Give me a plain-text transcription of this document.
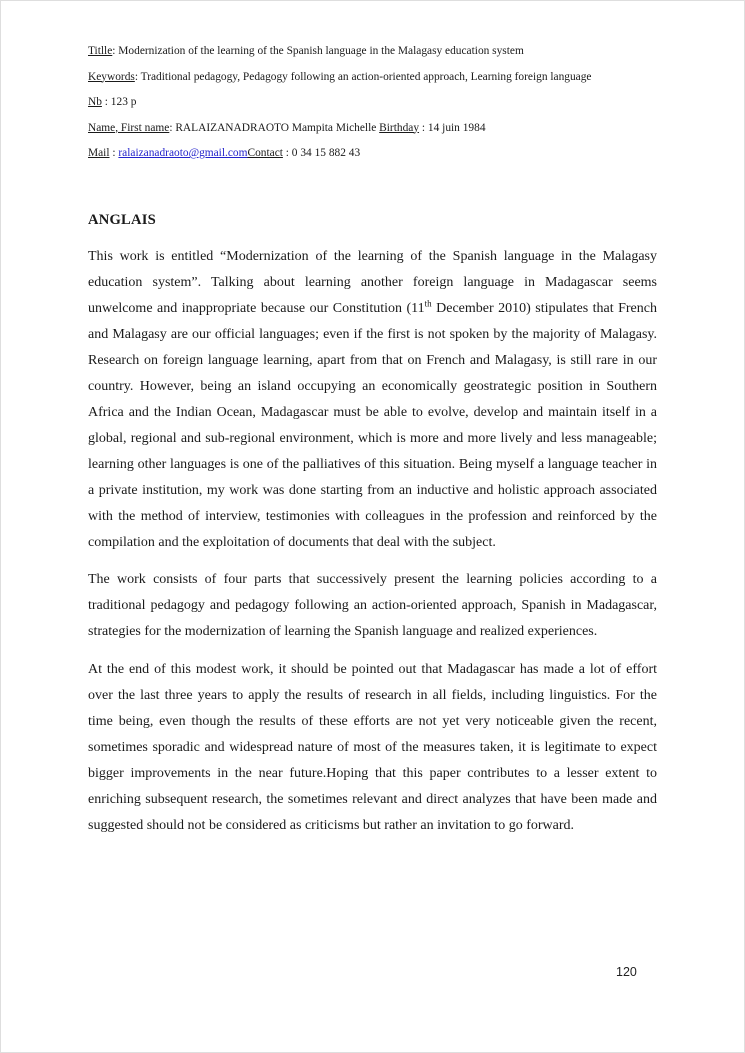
Titlle: Modernization of the learning of the Spanish language in the Malagasy education system

Keywords: Traditional pedagogy, Pedagogy following an action-oriented approach, Learning foreign language

Nb : 123 p

Name, First name: RALAIZANADRAOTO Mampita Michelle Birthday : 14 juin 1984

Mail : ralaizanadraoto@gmail.comContact : 0 34 15 882 43

ANGLAIS

This work is entitled “Modernization of the learning of the Spanish language in the Malagasy education system”. Talking about learning another foreign language in Madagascar seems unwelcome and inappropriate because our Constitution (11th December 2010) stipulates that French and Malagasy are our official languages; even if the first is not spoken by the majority of Malagasy. Research on foreign language learning, apart from that on French and Malagasy, is still rare in our country. However, being an island occupying an economically geostrategic position in Southern Africa and the Indian Ocean, Madagascar must be able to evolve, develop and maintain itself in a global, regional and sub-regional environment, which is more and more lively and less manageable; learning other languages is one of the palliatives of this situation. Being myself a language teacher in a private institution, my work was done starting from an inductive and holistic approach associated with the method of interview, testimonies with colleagues in the profession and reinforced by the compilation and the exploitation of documents that deal with the subject.

The work consists of four parts that successively present the learning policies according to a traditional pedagogy and pedagogy following an action-oriented approach, Spanish in Madagascar, strategies for the modernization of learning the Spanish language and realized experiences.

At the end of this modest work, it should be pointed out that Madagascar has made a lot of effort over the last three years to apply the results of research in all fields, including linguistics. For the time being, even though the results of these efforts are not yet very noticeable given the recent, sometimes sporadic and widespread nature of most of the measures taken, it is legitimate to expect bigger improvements in the near future.Hoping that this paper contributes to a lesser extent to enriching subsequent research, the sometimes relevant and direct analyzes that have been made and suggested should not be considered as criticisms but rather an invitation to go forward.

120
